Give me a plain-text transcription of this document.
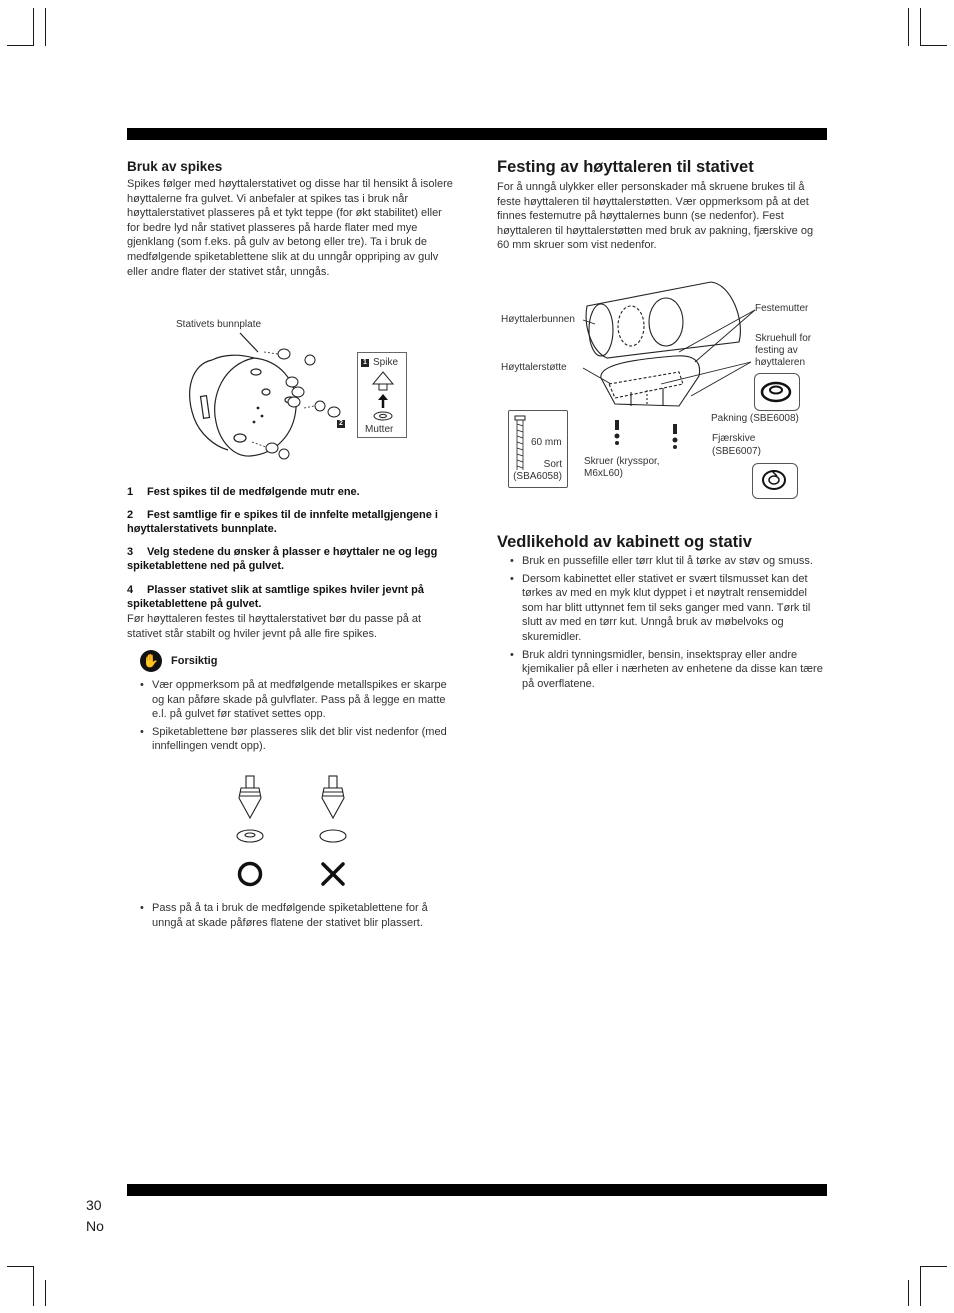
Bruk av spikes
Spikes følger med høyttalerstativet og disse har til hensikt å isolere høyttalerne fra gulvet. Vi anbefaler at spikes tas i bruk når høyttalerstativet plasseres på et tykt teppe (for økt stabilitet) eller for bedre lyd når stativet plasseres på harde flater med mye gjenklang (som f.eks. på gulv av betong eller tre). Ta i bruk de medfølgende spiketablettene slik at du unngår oppriping av gulv eller andre flater der stativet står, unngås.
Stativets bunnplate
1 Spike
2
Mutter
1 Fest spikes til de medfølgende mutr ene.
2 Fest samtlige fir e spikes til de innfelte metallgjengene i høyttalerstativets bunnplate.
3 Velg stedene du ønsker å plasser e høyttaler ne og legg spiketablettene ned på gulvet.
4 Plasser stativet slik at samtlige spikes hviler jevnt på spiketablettene på gulvet.
Før høyttaleren festes til høyttalerstativet bør du passe på at stativet står stabilt og hviler jevnt på alle fire spikes.
✋ Forsiktig
• Vær oppmerksom på at medfølgende metallspikes er skarpe og kan påføre skade på gulvflater. Pass på å legge en matte e.l. på gulvet før stativet settes opp.
• Spiketablettene bør plasseres slik det blir vist nedenfor (med innfellingen vendt opp).
• Pass på å ta i bruk de medfølgende spiketablettene for å unngå at skade påføres flatene der stativet blir plassert.
Festing av høyttaleren til stativet
For å unngå ulykker eller personskader må skruene brukes til å feste høyttaleren til høyttalerstøtten. Vær oppmerksom på at det finnes festemutre på høyttalernes bunn (se nedenfor). Fest høyttaleren til høyttalerstøtten med bruk av pakning, fjærskive og 60 mm skruer som vist nedenfor.
Høyttalerbunnen
Høyttalerstøtte
Festemutter
Skruehull for festing av høyttaleren
60 mm
Sort (SBA6058)
Skruer (krysspor, M6xL60)
Pakning (SBE6008)
Fjærskive (SBE6007)
Vedlikehold av kabinett og stativ
• Bruk en pussefille eller tørr klut til å tørke av støv og smuss.
• Dersom kabinettet eller stativet er svært tilsmusset kan det tørkes av med en myk klut dyppet i et nøytralt rensemiddel som har blitt uttynnet fem til seks ganger med vann. Tørk til slutt av med en tørr kut. Unngå bruk av møbelvoks og skuremidler.
• Bruk aldri tynningsmidler, bensin, insektspray eller andre kjemikalier på eller i nærheten av enhetene da disse kan tære på overflatene.
30
No
